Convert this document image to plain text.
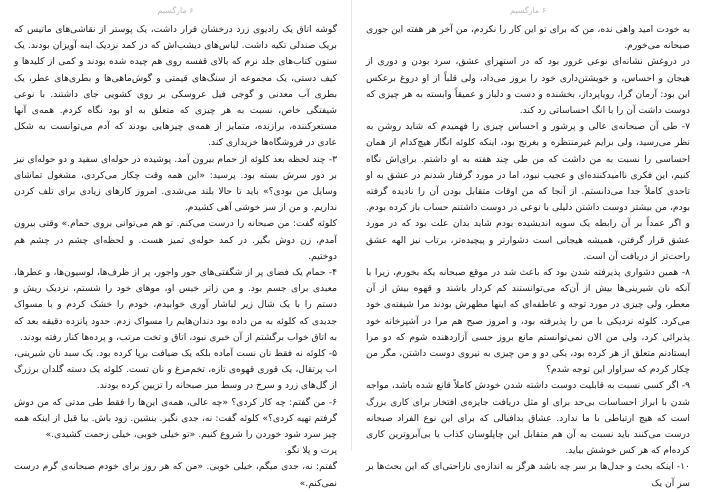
۶ مارگسیم

گوشه اتاق یک رادیوی زرد درخشان قرار داشت، یک پوستر از نقاشی‌های ماتیس که بریک صندلی تکیه داشت. لباس‌های دیشب‌اش که در کمد نزدیک اینه آویزان بودند. یک ستون کتاب‌های جلد نرم که بالای قفسه روی هم چیده شده بودند و کمی از کلیدها و کیف دستی، یک مجموعه از سنگ‌های قیمتی و گوش‌ماهی‌ها و بطری‌های عطر، یک بطری آب معدنی و گوجی فیل عروسکی بر روی کشویی جای داشتند. با نوعی شیفتگی خاص، نسبت به هر چیزی که متعلق به او بود نگاه کردم. همه‌ی آنها مستعرکننده، برازنده، متمایز از همه‌ی چیزهایی بودند که آدم می‌توانست به شکل عادی در فروشگاه‌ها خریداری کند.

۳- چند لحظه بعد کلوئه از حمام بیرون آمد. پوشیده در حوله‌ای سفید و دو حوله‌ای نیز بر دور سرش بسته بود. پرسید: «این همه وقت چکار می‌کردی، مشغول تماشای وسایل من بودی؟» باید تا حالا بلند می‌شدی. امروز کارهای زیادی برای تلف کردن نداریم. و من از سر خوشی آهی کشیدم.

کلوئه گفت: من صبحانه را درست می‌کنم. تو هم می‌توانی بروی حمام.» وقتی بیرون آمدم، زن دوش بگیر. در کمد حوله‌ی تمیز هست. و لحظه‌ای چشم در چشم هم دوختیم.

۴- حمام یک فضای پر از شگفتی‌های جور واجور، پر از ظرف‌ها، لوسیون‌ها، و عطرها، معبدی برای جسم بود. و من زاتر خیس او، موهای خود را شستم، نزدیک ریش و دستم را با یک شال زیر لباشار آوری خوابیدم، خودم را خشک کردم و با مسواک جدیدی که کلوئه به من داده بود دندان‌هایم را مسواک زدم. حدود پانزده دقیقه بعد که به اتاق خواب برگشتم از آن خبری نبود، اتاق و تخت مرتب، و پرده‌ها کنار رفته بودند.

۵- کلوئه نه فقط نان نست آماده بلکه یک ضیافت برپا کرده بود. یک سبد نان شیرینی، اب پرتقال، یک قوری قهوه‌ی تازه، تخم‌مرغ و نان تست. کلوئه یک دسته گلدان برزرگ از گل‌های زرد و سرخ در وسط میز صبحانه را تزیین کرده بودند.

۶- من گفتم: چه کار کردی؟ «چه عالی، همه‌ی این‌ها را فقط طی مدتی که من دوش گرفتم تهیه کردی؟» کلوئه گفت: نه، جدی نگیر. بنشین. زود باش. بیا قبل از اینکه همه چیز سرد شود خوردن را شروع کنیم. «تو خیلی خوبی، خیلی زحمت کشیدی.»

پرت و پلا نگو.

گفتم: نه، جدی میگم، خیلی خوبی. «من که هر روز برای خودم صبحانه‌ی گرم درست نمی‌کنم.»

۶ مارگسیم

به خودت امید واهی نده، من که برای تو این کار را نکردم، من آخر هر هفته این جوری صبحانه می‌خورم.

در دروغش نشانه‌ای نوعی غرور بود که در استهزای عشق، سرد بودن و دوری از هیجان و احساس، و خویشتن‌داری خود را بروز می‌داد، ولی قلباً از او دروغ برعکس این بود: آرمان گرا، رویاپرداز، بخشنده و دست و دلباز و عمیقاً وابسته به هر چیزی که دوست داشت آن را با انگ احساساتی رد کند.

۷- طی آن صبحانه‌ی عالی و پرشور و احساس چیزی را فهمیدم که شاید روشن به نظر می‌رسید، ولی برایم غیرمنتظره و بغرنج بود، اینکه کلوئه انگار هیچ‌کدام از همان احساسی را نسبت به من داشت که من طی چند هفته به او داشتم. برای‌اش نگاه کنیم، این فکری ناامیدکننده‌ای و عجیب نبود، اما در مورد گرفتار شدنم در عشق به او تاحدی کاملاً جدا می‌دانستم. از آنجا که من اوقات متقابل بودن آن را نادیده گرفته بودم، من بیشتر دوست داشتن دلیلی با نوعی در دوست داشتنم حساب باز کرده بودم. و اگر عمداً بر آن رابطه یک سوپه اندیشیده بودم شاید بدان علت بود که در مورد عشق قرار گرفتن، همیشه هیجانی است دشوارتر و پیچیده‌تر، برتاب نیز الهه عشق راحت‌تر از دریافت آن است.

۸- همین دشواری پذیرفته شدن بود که باعث شد در موقع صبحانه یکه بخورم، زیرا با آنکه نان شیرینی‌ها بیش از آن‌که می‌توانستند کم کردار باشند و قهوه بیش از آن معطر، ولی چیزی در مورد توجه و عاطفه‌ای که اینها مظهرش بودند مرا شیفته‌ی خود می‌کرد. کلوئه نزدیکی با من را پذیرفته بود، و امروز صبح هم مرا در آشپزخانه خود پذیرائی کرد، ولی من الان نمی‌توانستم مانع بروز حسی آزاردهنده شوم که دو مرا ایستادنم متعلق از هر کرده بود، یکی دو و من چیزی به نیروی دوست داشتن، مگر من چکار کردم که سزاوار این توجه شدم؟

۹- اگر کسی نسبت به قابلیت دوست داشته شدن خودش کاملاً قانع شده باشد، مواجه شدن با ابراز احساسات بی‌حد برای او مثل دریافت جایزه‌ی افتخار برای کاری بزرگ است که هیچ ارتباطی با ما ندارد. عشاق بدافبالی که برای این نوع الفراد صبحانه درست می‌کنند باید نسبت به آن هم متقابل این چاپلوسان کذاب یا بی‌آبروترین کاری کرده‌ام که هر کس خوشش بیاید.

۱۰- اینکه بحث و جدل‌ها بر سر چه باشد هرگز به اندازه‌ی ناراحتی‌ای که این بحث‌ها بر سر آن یک
